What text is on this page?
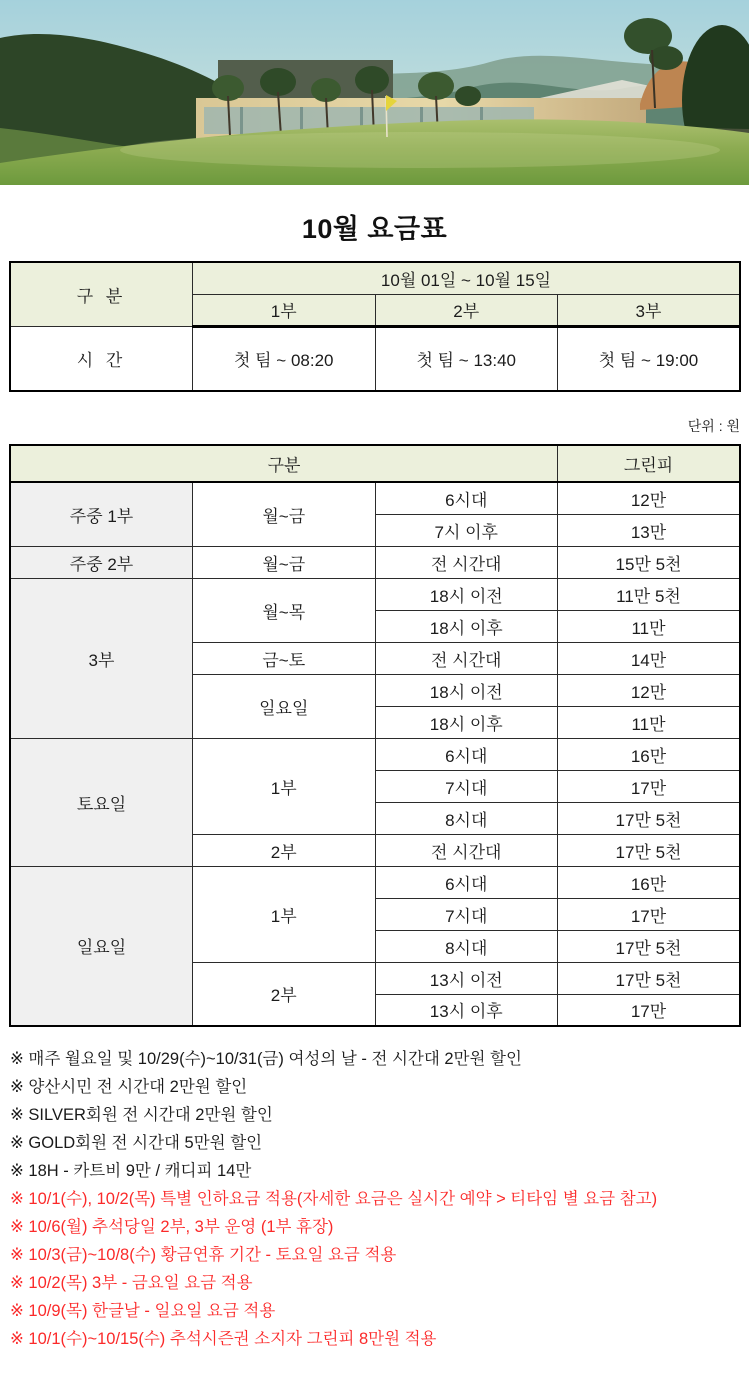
10월 요금표
구 분	10월 01일 ~ 10월 15일		
	1부	2부	3부
시 간	첫 팀 ~ 08:20	첫 팀 ~ 13:40	첫 팀 ~ 19:00
단위 : 원
구분			그린피
주중 1부	월~금	6시대	12만
		7시 이후	13만
주중 2부	월~금	전 시간대	15만 5천
3부	월~목	18시 이전	11만 5천
		18시 이후	11만
	금~토	전 시간대	14만
	일요일	18시 이전	12만
		18시 이후	11만
토요일	1부	6시대	16만
		7시대	17만
		8시대	17만 5천
	2부	전 시간대	17만 5천
일요일	1부	6시대	16만
		7시대	17만
		8시대	17만 5천
	2부	13시 이전	17만 5천
		13시 이후	17만
※ 매주 월요일 및 10/29(수)~10/31(금) 여성의 날 - 전 시간대 2만원 할인
※ 양산시민 전 시간대 2만원 할인
※ SILVER회원 전 시간대 2만원 할인
※ GOLD회원 전 시간대 5만원 할인
※ 18H - 카트비 9만 / 캐디피 14만
※ 10/1(수), 10/2(목) 특별 인하요금 적용(자세한 요금은 실시간 예약 > 티타임 별 요금 참고)
※ 10/6(월) 추석당일 2부, 3부 운영 (1부 휴장)
※ 10/3(금)~10/8(수) 황금연휴 기간 - 토요일 요금 적용
※ 10/2(목) 3부 - 금요일 요금 적용
※ 10/9(목) 한글날 - 일요일 요금 적용
※ 10/1(수)~10/15(수) 추석시즌권 소지자 그린피 8만원 적용
